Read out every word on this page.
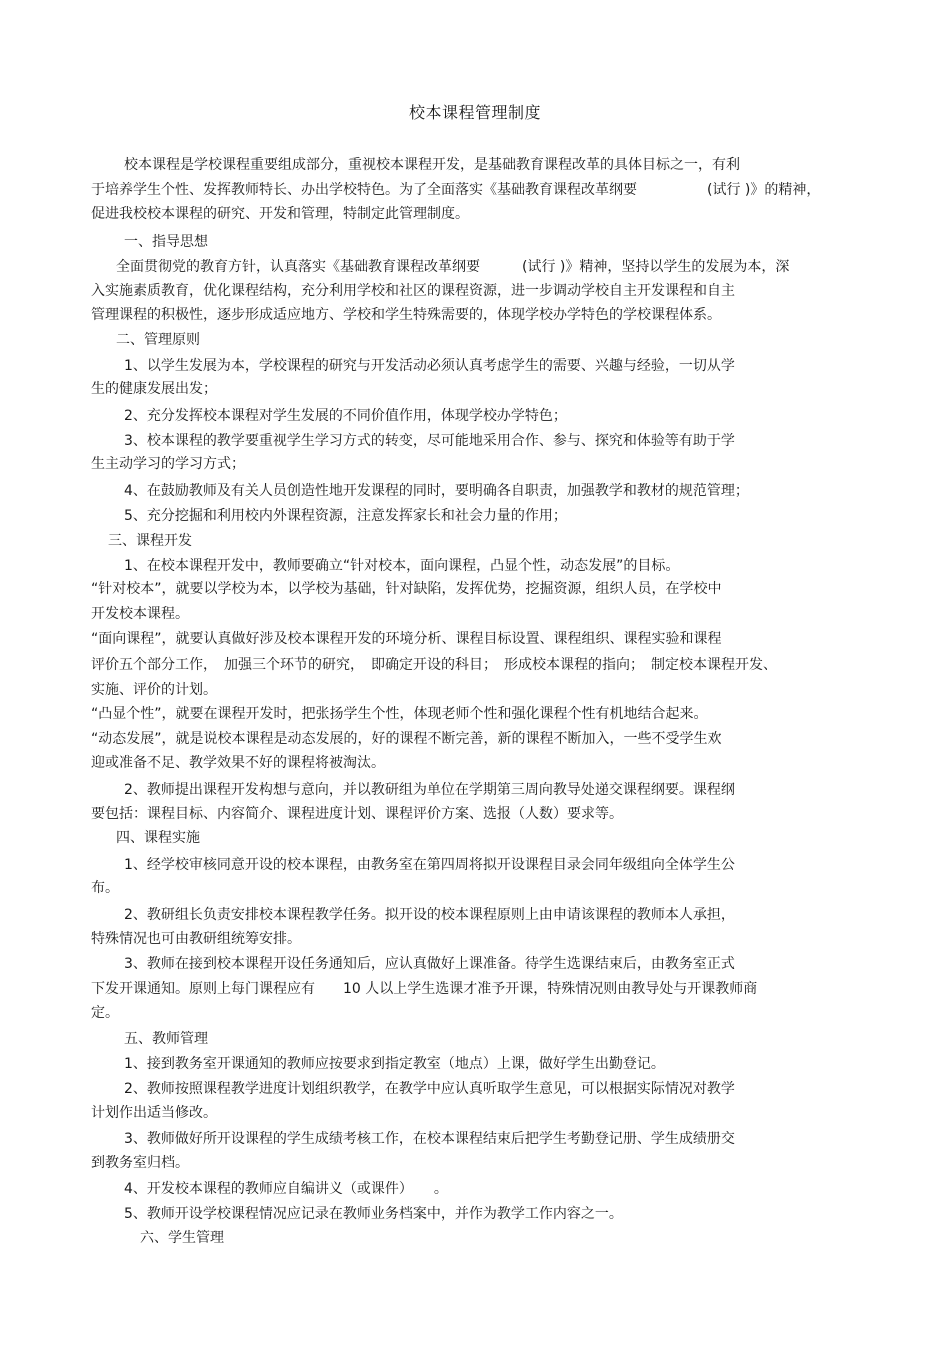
校本课程管理制度
校本课程是学校课程重要组成部分，重视校本课程开发，是基础教育课程改革的具体目标之一，有利
于培养学生个性、发挥教师特长、办出学校特色。为了全面落实《基础教育课程改革纲要　　　　　(试行 )》的精神，
促进我校校本课程的研究、开发和管理，特制定此管理制度。
一、指导思想
全面贯彻党的教育方针，认真落实《基础教育课程改革纲要　　　(试行 )》精神，坚持以学生的发展为本，深
入实施素质教育，优化课程结构，充分利用学校和社区的课程资源，进一步调动学校自主开发课程和自主
管理课程的积极性，逐步形成适应地方、学校和学生特殊需要的，体现学校办学特色的学校课程体系。
二、管理原则
1、以学生发展为本，学校课程的研究与开发活动必须认真考虑学生的需要、兴趣与经验，一切从学
生的健康发展出发；
2、充分发挥校本课程对学生发展的不同价值作用，体现学校办学特色；
3、校本课程的教学要重视学生学习方式的转变，尽可能地采用合作、参与、探究和体验等有助于学
生主动学习的学习方式；
4、在鼓励教师及有关人员创造性地开发课程的同时，要明确各自职责，加强教学和教材的规范管理；
5、充分挖掘和利用校内外课程资源，注意发挥家长和社会力量的作用；
三、课程开发
1、在校本课程开发中，教师要确立“针对校本，面向课程，凸显个性，动态发展”的目标。
“针对校本”，就要以学校为本，以学校为基础，针对缺陷，发挥优势，挖掘资源，组织人员，在学校中
开发校本课程。
“面向课程”，就要认真做好涉及校本课程开发的环境分析、课程目标设置、课程组织、课程实验和课程
评价五个部分工作，　加强三个环节的研究，　即确定开设的科目；　形成校本课程的指向；　制定校本课程开发、
实施、评价的计划。
“凸显个性”，就要在课程开发时，把张扬学生个性，体现老师个性和强化课程个性有机地结合起来。
“动态发展”，就是说校本课程是动态发展的，好的课程不断完善，新的课程不断加入，一些不受学生欢
迎或准备不足、教学效果不好的课程将被淘汰。
2、教师提出课程开发构想与意向，并以教研组为单位在学期第三周向教导处递交课程纲要。课程纲
要包括：课程目标、内容简介、课程进度计划、课程评价方案、选报（人数）要求等。
四、课程实施
1、经学校审核同意开设的校本课程，由教务室在第四周将拟开设课程目录会同年级组向全体学生公
布。
2、教研组长负责安排校本课程教学任务。拟开设的校本课程原则上由申请该课程的教师本人承担，
特殊情况也可由教研组统筹安排。
3、教师在接到校本课程开设任务通知后，应认真做好上课准备。待学生选课结束后，由教务室正式
下发开课通知。原则上每门课程应有　　10 人以上学生选课才准予开课，特殊情况则由教导处与开课教师商
定。
五、教师管理
1、接到教务室开课通知的教师应按要求到指定教室（地点）上课，做好学生出勤登记。
2、教师按照课程教学进度计划组织教学，在教学中应认真听取学生意见，可以根据实际情况对教学
计划作出适当修改。
3、教师做好所开设课程的学生成绩考核工作，在校本课程结束后把学生考勤登记册、学生成绩册交
到教务室归档。
4、开发校本课程的教师应自编讲义（或课件）　　。
5、教师开设学校课程情况应记录在教师业务档案中，并作为教学工作内容之一。
六、学生管理
